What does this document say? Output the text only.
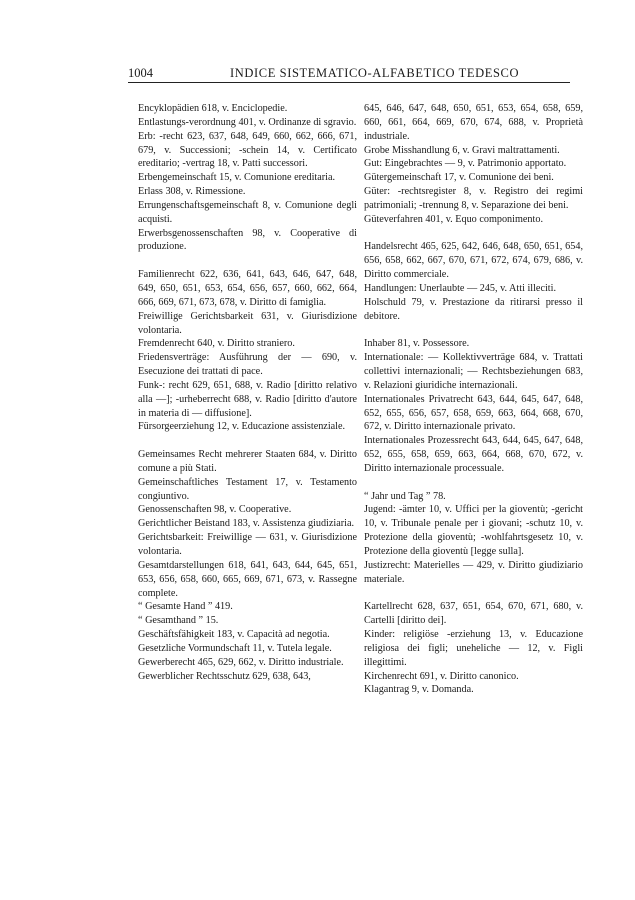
1004	INDICE SISTEMATICO-ALFABETICO TEDESCO

Encyklopädien 618, v. Enciclopedie.

Entlastungs-verordnung 401, v. Ordinanze di sgravio.

Erb: -recht 623, 637, 648, 649, 660, 662, 666, 671, 679, v. Successioni; -schein 14, v. Certificato ereditario; -vertrag 18, v. Patti successori.

Erbengemeinschaft 15, v. Comunione ereditaria.

Erlass 308, v. Rimessione.

Errungenschaftsgemeinschaft 8, v. Comunione degli acquisti.

Erwerbsgenossenschaften 98, v. Cooperative di produzione.

Familienrecht 622, 636, 641, 643, 646, 647, 648, 649, 650, 651, 653, 654, 656, 657, 660, 662, 664, 666, 669, 671, 673, 678, v. Diritto di famiglia.

Freiwillige Gerichtsbarkeit 631, v. Giurisdizione volontaria.

Fremdenrecht 640, v. Diritto straniero.

Friedensverträge: Ausführung der — 690, v. Esecuzione dei trattati di pace.

Funk-: recht 629, 651, 688, v. Radio [diritto relativo alla —]; -urheberrecht 688, v. Radio [diritto d'autore in materia di — diffusione].

Fürsorgeerziehung 12, v. Educazione assistenziale.

Gemeinsames Recht mehrerer Staaten 684, v. Diritto comune a più Stati.

Gemeinschaftliches Testament 17, v. Testamento congiuntivo.

Genossenschaften 98, v. Cooperative.

Gerichtlicher Beistand 183, v. Assistenza giudiziaria.

Gerichtsbarkeit: Freiwillige — 631, v. Giurisdizione volontaria.

Gesamtdarstellungen 618, 641, 643, 644, 645, 651, 653, 656, 658, 660, 665, 669, 671, 673, v. Rassegne complete.

“ Gesamte Hand ” 419.

“ Gesamthand ” 15.

Geschäftsfähigkeit 183, v. Capacità ad negotia.

Gesetzliche Vormundschaft 11, v. Tutela legale.

Gewerberecht 465, 629, 662, v. Diritto industriale.

Gewerblicher Rechtsschutz 629, 638, 643,

645, 646, 647, 648, 650, 651, 653, 654, 658, 659, 660, 661, 664, 669, 670, 674, 688, v. Proprietà industriale.

Grobe Misshandlung 6, v. Gravi maltrattamenti.

Gut: Eingebrachtes — 9, v. Patrimonio apportato.

Gütergemeinschaft 17, v. Comunione dei beni.

Güter: -rechtsregister 8, v. Registro dei regimi patrimoniali; -trennung 8, v. Separazione dei beni.

Güteverfahren 401, v. Equo componimento.

Handelsrecht 465, 625, 642, 646, 648, 650, 651, 654, 656, 658, 662, 667, 670, 671, 672, 674, 679, 686, v. Diritto commerciale.

Handlungen: Unerlaubte — 245, v. Atti illeciti.

Holschuld 79, v. Prestazione da ritirarsi presso il debitore.

Inhaber 81, v. Possessore.

Internationale: — Kollektivverträge 684, v. Trattati collettivi internazionali; — Rechtsbeziehungen 683, v. Relazioni giuridiche internazionali.

Internationales Privatrecht 643, 644, 645, 647, 648, 652, 655, 656, 657, 658, 659, 663, 664, 668, 670, 672, v. Diritto internazionale privato.

Internationales Prozessrecht 643, 644, 645, 647, 648, 652, 655, 658, 659, 663, 664, 668, 670, 672, v. Diritto internazionale processuale.

“ Jahr und Tag ” 78.

Jugend: -ämter 10, v. Uffici per la gioventù; -gericht 10, v. Tribunale penale per i giovani; -schutz 10, v. Protezione della gioventù; -wohlfahrtsgesetz 10, v. Protezione della gioventù [legge sulla].

Justizrecht: Materielles — 429, v. Diritto giudiziario materiale.

Kartellrecht 628, 637, 651, 654, 670, 671, 680, v. Cartelli [diritto dei].

Kinder: religiöse -erziehung 13, v. Educazione religiosa dei figli; uneheliche — 12, v. Figli illegittimi.

Kirchenrecht 691, v. Diritto canonico.

Klagantrag 9, v. Domanda.
